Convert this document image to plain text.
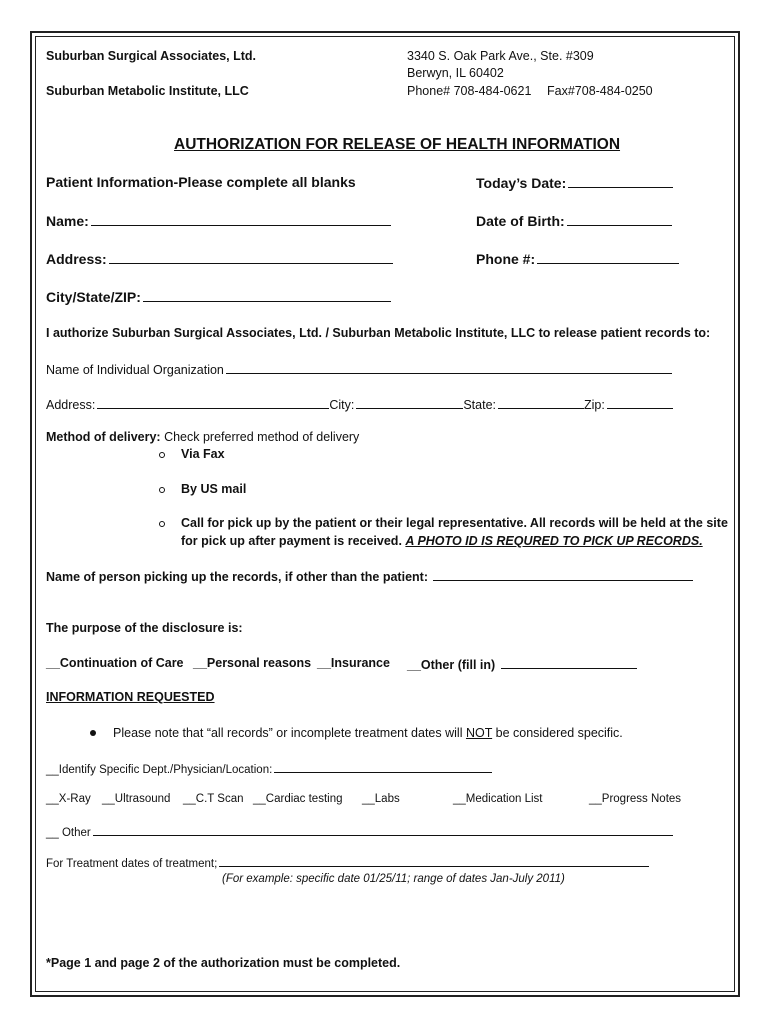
Suburban Surgical Associates, Ltd.
Suburban Metabolic Institute, LLC
3340 S. Oak Park Ave., Ste. #309
Berwyn, IL 60402
Phone# 708-484-0621 Fax#708-484-0250
AUTHORIZATION FOR RELEASE OF HEALTH INFORMATION
Patient Information-Please complete all blanks	Today’s Date:
Name:	Date of Birth:
Address:	Phone #:
City/State/ZIP:
I authorize Suburban Surgical Associates, Ltd. / Suburban Metabolic Institute, LLC to release patient records to:
Name of Individual Organization
Address:	City:	State:	Zip:
Method of delivery: Check preferred method of delivery
Via Fax
By US mail
Call for pick up by the patient or their legal representative. All records will be held at the site
for pick up after payment is received. A PHOTO ID IS REQURED TO PICK UP RECORDS.
Name of person picking up the records, if other than the patient:
The purpose of the disclosure is:
__Continuation of Care __Personal reasons __Insurance __Other (fill in)
INFORMATION REQUESTED
Please note that “all records” or incomplete treatment dates will NOT be considered specific.
__Identify Specific Dept./Physician/Location:
__X-Ray __Ultrasound __C.T Scan __Cardiac testing __Labs	__Medication List	__Progress Notes
__ Other
For Treatment dates of treatment;
(For example: specific date 01/25/11; range of dates Jan-July 2011)
*Page 1 and page 2 of the authorization must be completed.
